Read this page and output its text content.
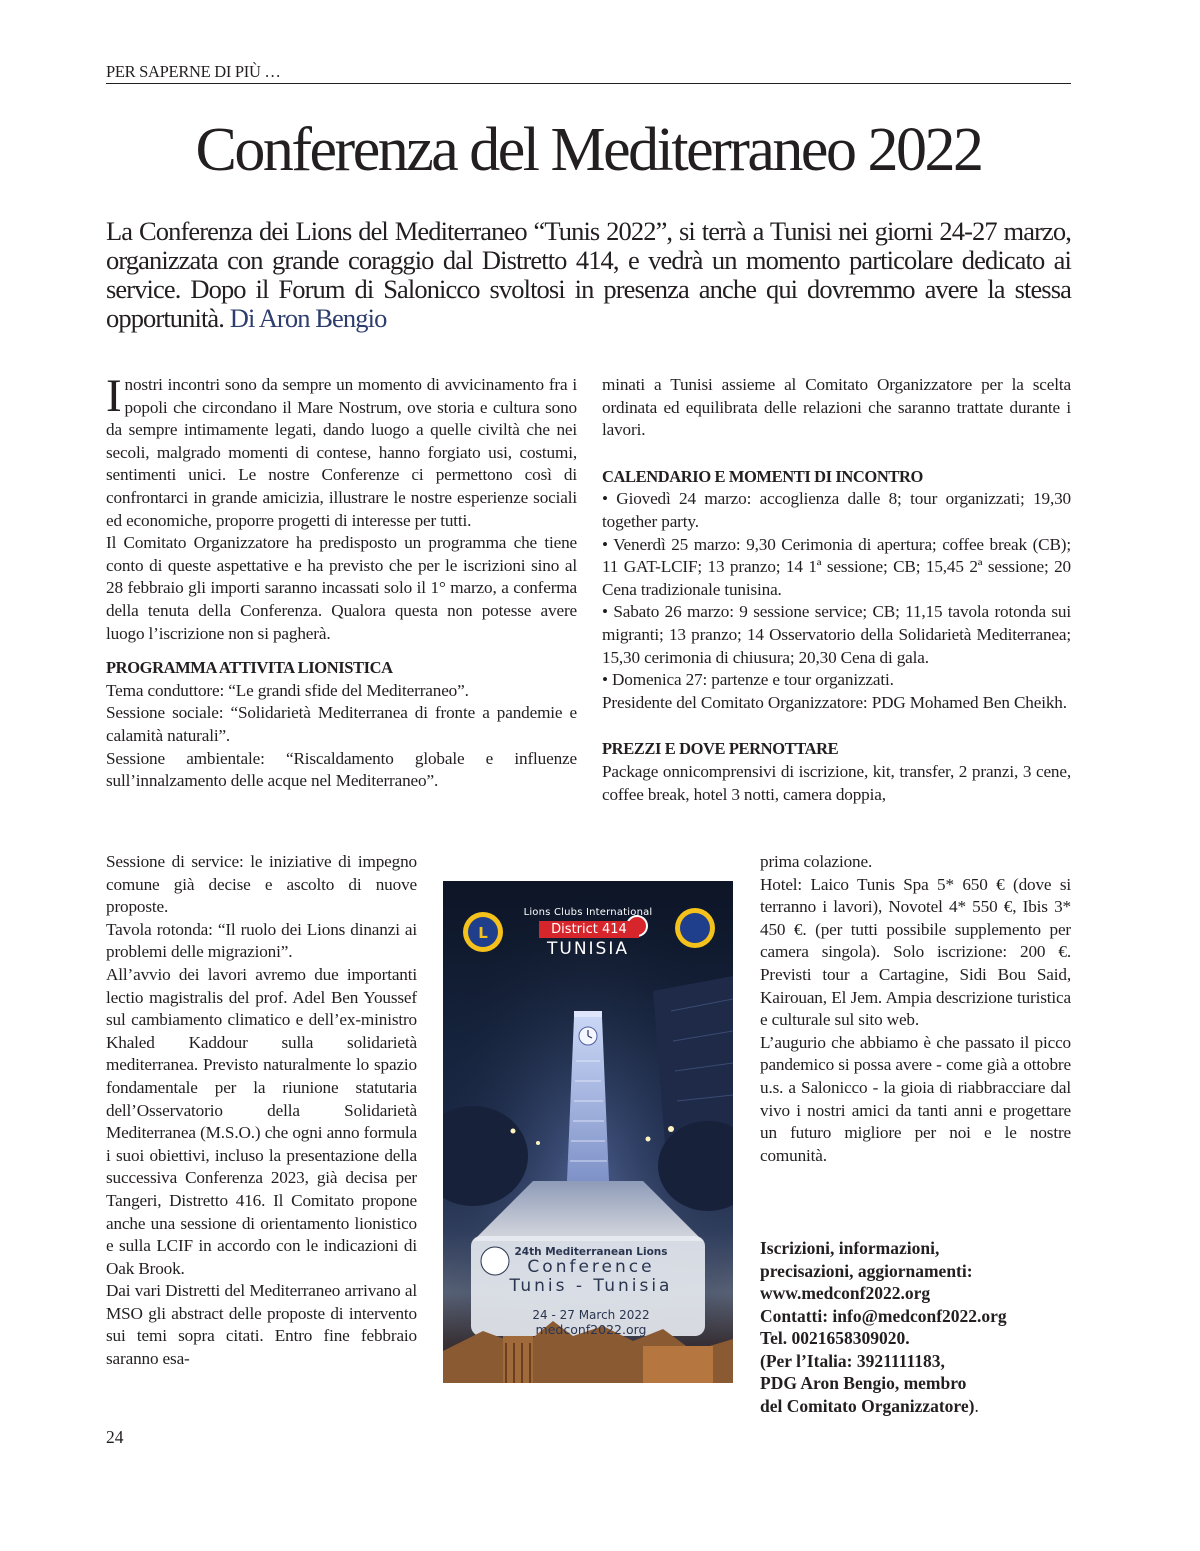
PER SAPERNE DI PIÙ …
Conferenza del Mediterraneo 2022
La Conferenza dei Lions del Mediterraneo “Tunis 2022”, si terrà a Tunisi nei giorni 24-27 marzo, organizzata con grande coraggio dal Distretto 414, e vedrà un momento particolare dedicato ai service. Dopo il Forum di Salonicco svoltosi in presenza anche qui dovremmo avere la stessa opportunità. Di Aron Bengio

Inostri incontri sono da sempre un momento di avvicinamento fra i popoli che circondano il Mare Nostrum, ove storia e cultura sono da sempre intimamente legati, dando luogo a quelle civiltà che nei secoli, malgrado momenti di contese, hanno forgiato usi, costumi, sentimenti unici. Le nostre Conferenze ci permettono così di confrontarci in grande amicizia, illustrare le nostre esperienze sociali ed economiche, proporre progetti di interesse per tutti.

Il Comitato Organizzatore ha predisposto un programma che tiene conto di queste aspettative e ha previsto che per le iscrizioni sino al 28 febbraio gli importi saranno incassati solo il 1° marzo, a conferma della tenuta della Conferenza. Qualora questa non potesse avere luogo l’iscrizione non si pagherà.

PROGRAMMA ATTIVITA LIONISTICA

Tema conduttore: “Le grandi sfide del Mediterraneo”.

Sessione sociale: “Solidarietà Mediterranea di fronte a pandemie e calamità naturali”.

Sessione ambientale: “Riscaldamento globale e influenze sull’innalzamento delle acque nel Mediterraneo”.

Sessione di service: le iniziative di impegno comune già decise e ascolto di nuove proposte.

Tavola rotonda: “Il ruolo dei Lions dinanzi ai problemi delle migrazioni”.

All’avvio dei lavori avremo due importanti lectio magistralis del prof. Adel Ben Youssef sul cambiamento climatico e dell’ex-ministro Khaled Kaddour sulla solidarietà mediterranea. Previsto naturalmente lo spazio fondamentale per la riunione statutaria dell’Osservatorio della Solidarietà Mediterranea (M.S.O.) che ogni anno formula i suoi obiettivi, incluso la presentazione della successiva Conferenza 2023, già decisa per Tangeri, Distretto 416. Il Comitato propone anche una sessione di orientamento lionistico e sulla LCIF in accordo con le indicazioni di Oak Brook.

Dai vari Distretti del Mediterraneo arrivano al MSO gli abstract delle proposte di intervento sui temi sopra citati. Entro fine febbraio saranno esa-

minati a Tunisi assieme al Comitato Organizzatore per la scelta ordinata ed equilibrata delle relazioni che saranno trattate durante i lavori.

CALENDARIO E MOMENTI DI INCONTRO

• Giovedì 24 marzo: accoglienza dalle 8; tour organizzati; 19,30 together party.

• Venerdì 25 marzo: 9,30 Cerimonia di apertura; coffee break (CB); 11 GAT-LCIF; 13 pranzo; 14 1ª sessione; CB; 15,45 2ª sessione; 20 Cena tradizionale tunisina.

• Sabato 26 marzo: 9 sessione service; CB; 11,15 tavola rotonda sui migranti; 13 pranzo; 14 Osservatorio della Solidarietà Mediterranea; 15,30 cerimonia di chiusura; 20,30 Cena di gala.

• Domenica 27: partenze e tour organizzati.

Presidente del Comitato Organizzatore: PDG Mohamed Ben Cheikh.

PREZZI E DOVE PERNOTTARE

Package onnicomprensivi di iscrizione, kit, transfer, 2 pranzi, 3 cene, coffee break, hotel 3 notti, camera doppia,

prima colazione.

Hotel: Laico Tunis Spa 5* 650 € (dove si terranno i lavori), Novotel 4* 550 €, Ibis 3* 450 €. (per tutti possibile supplemento per camera singola). Solo iscrizione: 200 €. Previsti tour a Cartagine, Sidi Bou Said, Kairouan, El Jem. Ampia descrizione turistica e culturale sul sito web.

L’augurio che abbiamo è che passato il picco pandemico si possa avere - come già a ottobre u.s. a Salonicco - la gioia di riabbracciare dal vivo i nostri amici da tanti anni e progettare un futuro migliore per noi e le nostre comunità.

Iscrizioni, informazioni,
precisazioni, aggiornamenti:
www.medconf2022.org
Contatti: info@medconf2022.org
Tel. 0021658309020.
(Per l’Italia: 3921111183,
PDG Aron Bengio, membro
del Comitato Organizzatore).
L
Lions Clubs International
District 414
TUNISIA
24th Mediterranean Lions
Conference
Tunis - Tunisia
24 - 27 March 2022
medconf2022.org
24
